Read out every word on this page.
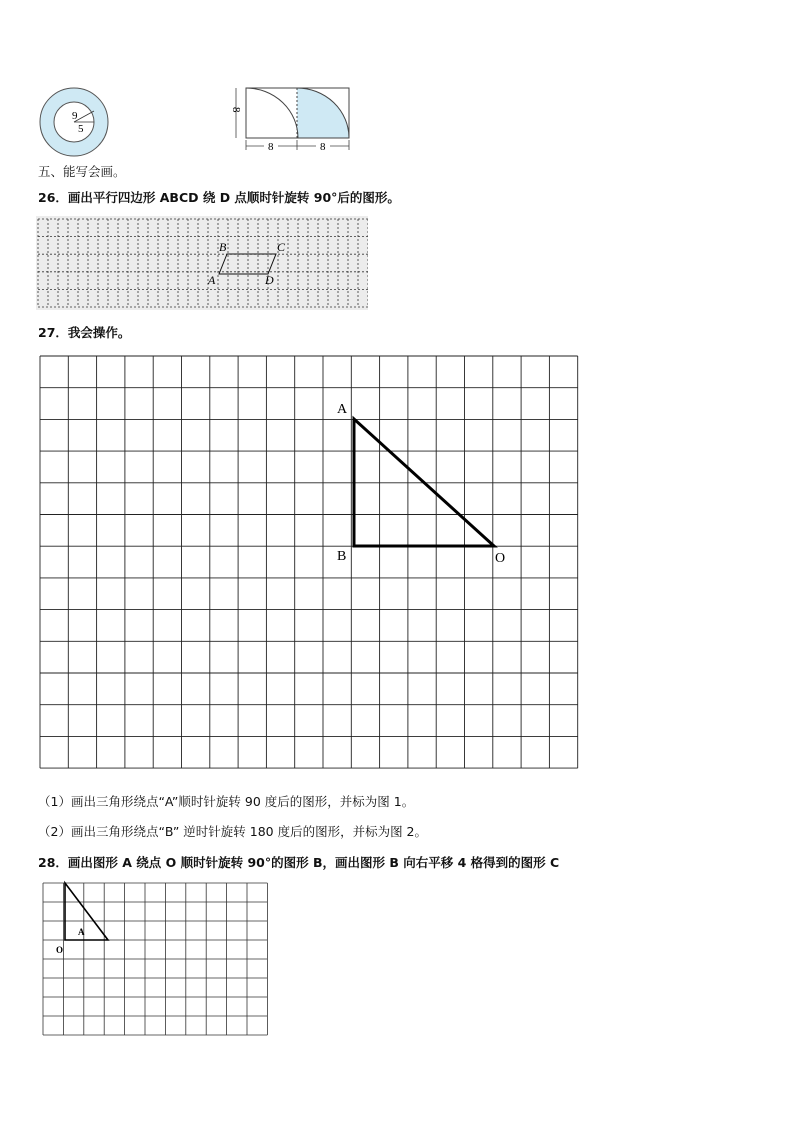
9
5
8
8	8
五、能写会画。
26．画出平行四边形 ABCD 绕 D 点顺时针旋转 90°后的图形。
B	C
A	D
27．我会操作。
A
B	O
（1）画出三角形绕点“A”顺时针旋转 90 度后的图形，并标为图 1。
（2）画出三角形绕点“B” 逆时针旋转 180 度后的图形，并标为图 2。
28．画出图形 A 绕点 O 顺时针旋转 90°的图形 B，画出图形 B 向右平移 4 格得到的图形 C
A
O
